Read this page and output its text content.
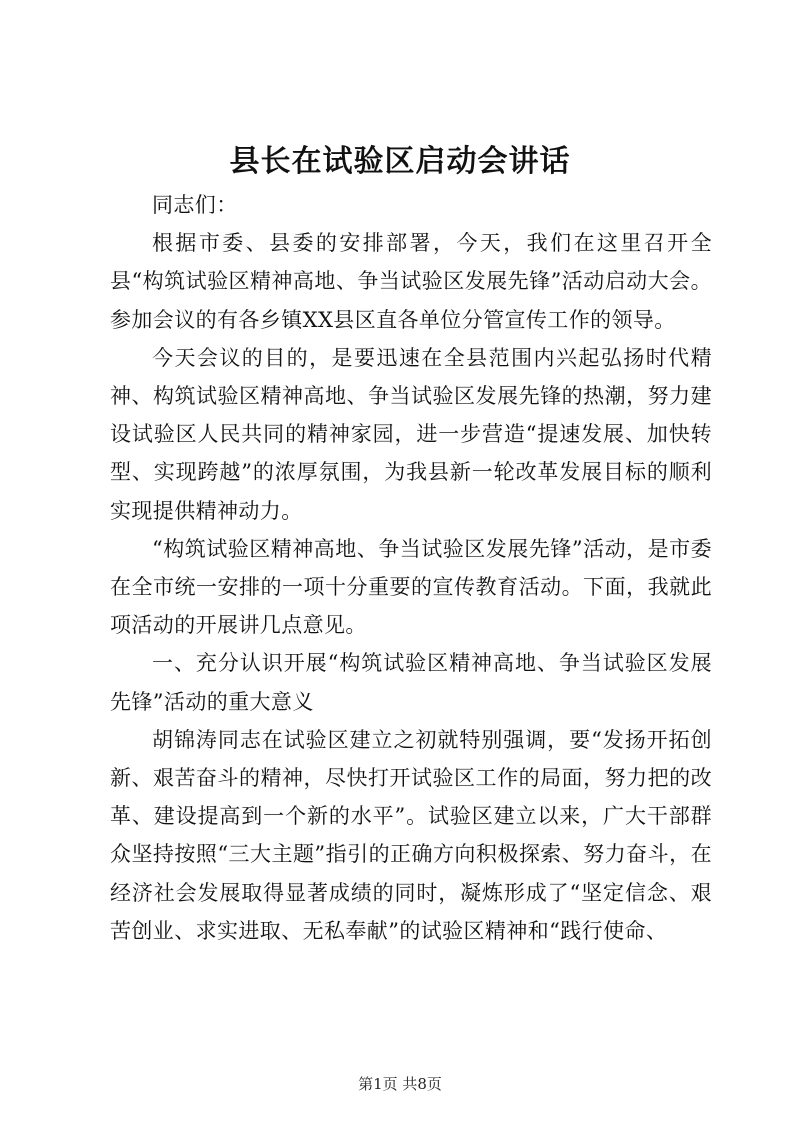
县长在试验区启动会讲话

同志们：

根据市委、县委的安排部署，今天，我们在这里召开全县“构筑试验区精神高地、争当试验区发展先锋”活动启动大会。参加会议的有各乡镇XX县区直各单位分管宣传工作的领导。

今天会议的目的，是要迅速在全县范围内兴起弘扬时代精神、构筑试验区精神高地、争当试验区发展先锋的热潮，努力建设试验区人民共同的精神家园，进一步营造“提速发展、加快转型、实现跨越”的浓厚氛围，为我县新一轮改革发展目标的顺利实现提供精神动力。

“构筑试验区精神高地、争当试验区发展先锋”活动，是市委在全市统一安排的一项十分重要的宣传教育活动。下面，我就此项活动的开展讲几点意见。

一、充分认识开展“构筑试验区精神高地、争当试验区发展先锋”活动的重大意义

胡锦涛同志在试验区建立之初就特别强调，要“发扬开拓创新、艰苦奋斗的精神，尽快打开试验区工作的局面，努力把的改革、建设提高到一个新的水平”。试验区建立以来，广大干部群众坚持按照“三大主题”指引的正确方向积极探索、努力奋斗，在经济社会发展取得显著成绩的同时，凝炼形成了“坚定信念、艰苦创业、求实进取、无私奉献”的试验区精神和“践行使命、

第1页 共8页
